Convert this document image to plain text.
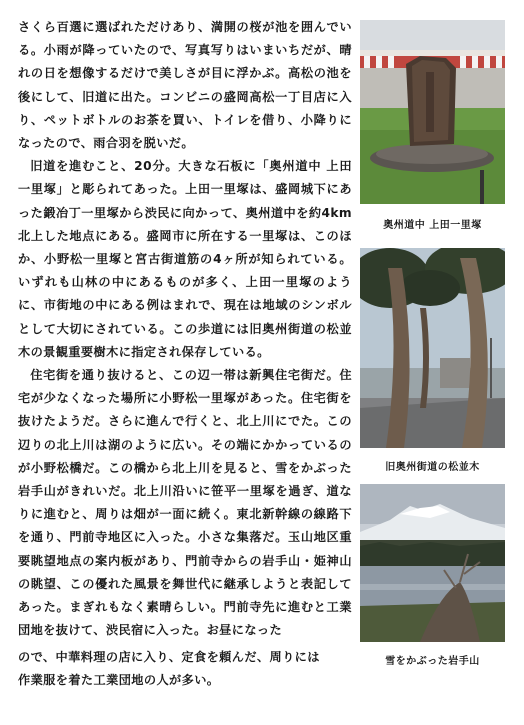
さくら百選に選ばれただけあり、満開の桜が池を囲んでいる。小雨が降っていたので、写真写りはいまいちだが、晴れの日を想像するだけで美しさが目に浮かぶ。高松の池を後にして、旧道に出た。コンビニの盛岡高松一丁目店に入り、ペットボトルのお茶を買い、トイレを借り、小降りになったので、雨合羽を脱いだ。

旧道を進むこと、20分。大きな石板に「奥州道中 上田一里塚」と彫られてあった。上田一里塚は、盛岡城下にあった鍛冶丁一里塚から渋民に向かって、奥州道中を約4km北上した地点にある。盛岡市に所在する一里塚は、このほか、小野松一里塚と宮古街道筋の4ヶ所が知られている。いずれも山林の中にあるものが多く、上田一里塚のように、市街地の中にある例はまれで、現在は地域のシンボルとして大切にされている。この歩道には旧奥州街道の松並木の景観重要樹木に指定され保存している。

住宅街を通り抜けると、この辺一帯は新興住宅街だ。住宅が少なくなった場所に小野松一里塚があった。住宅街を抜けたようだ。さらに進んで行くと、北上川にでた。この辺りの北上川は湖のように広い。その端にかかっているのが小野松橋だ。この橋から北上川を見ると、雪をかぶった岩手山がきれいだ。北上川沿いに笹平一里塚を過ぎ、道なりに進むと、周りは畑が一面に続く。東北新幹線の線路下を通り、門前寺地区に入った。小さな集落だ。玉山地区重要眺望地点の案内板があり、門前寺からの岩手山・姫神山の眺望、この優れた風景を舞世代に継承しようと表記してあった。まぎれもなく素晴らしい。門前寺先に進むと工業団地を抜けて、渋民宿に入った。お昼になった

ので、中華料理の店に入り、定食を頼んだ、周りには

作業服を着た工業団地の人が多い。

奥州道中 上田一里塚
旧奥州街道の松並木
雪をかぶった岩手山
